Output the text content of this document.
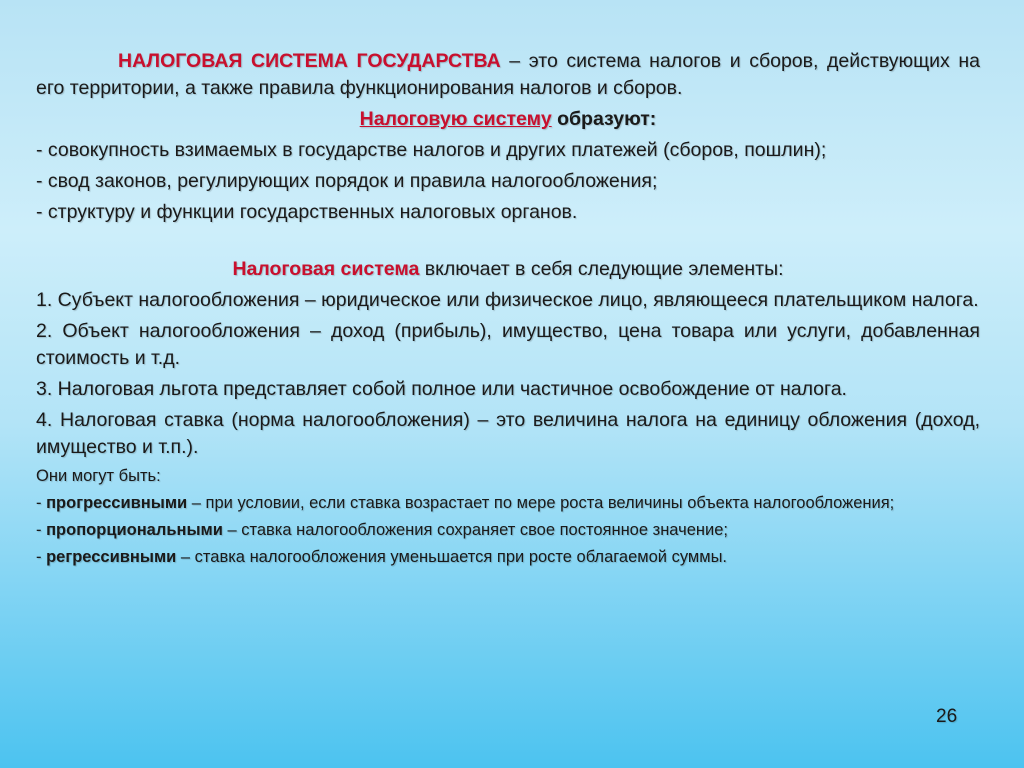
НАЛОГОВАЯ СИСТЕМА ГОСУДАРСТВА – это система налогов и сборов, действующих на его территории, а также правила функционирования налогов и сборов.

Налоговую систему образуют:

- совокупность взимаемых в государстве налогов и других платежей (сборов, пошлин);

- свод законов, регулирующих порядок и правила налогообложения;

- структуру и функции государственных налоговых органов.

Налоговая система включает в себя следующие элементы:

1. Субъект налогообложения – юридическое или физическое лицо, являющееся плательщиком налога.

2. Объект налогообложения – доход (прибыль), имущество, цена товара или услуги, добавленная стоимость и т.д.

3. Налоговая льгота представляет собой полное или частичное освобождение от налога.

4. Налоговая ставка (норма налогообложения) – это величина налога на единицу обложения (доход, имущество и т.п.).

Они могут быть:

- прогрессивными – при условии, если ставка возрастает по мере роста величины объекта налогообложения;

- пропорциональными – ставка налогообложения сохраняет свое постоянное значение;

- регрессивными – ставка налогообложения уменьшается при росте облагаемой суммы.

26
